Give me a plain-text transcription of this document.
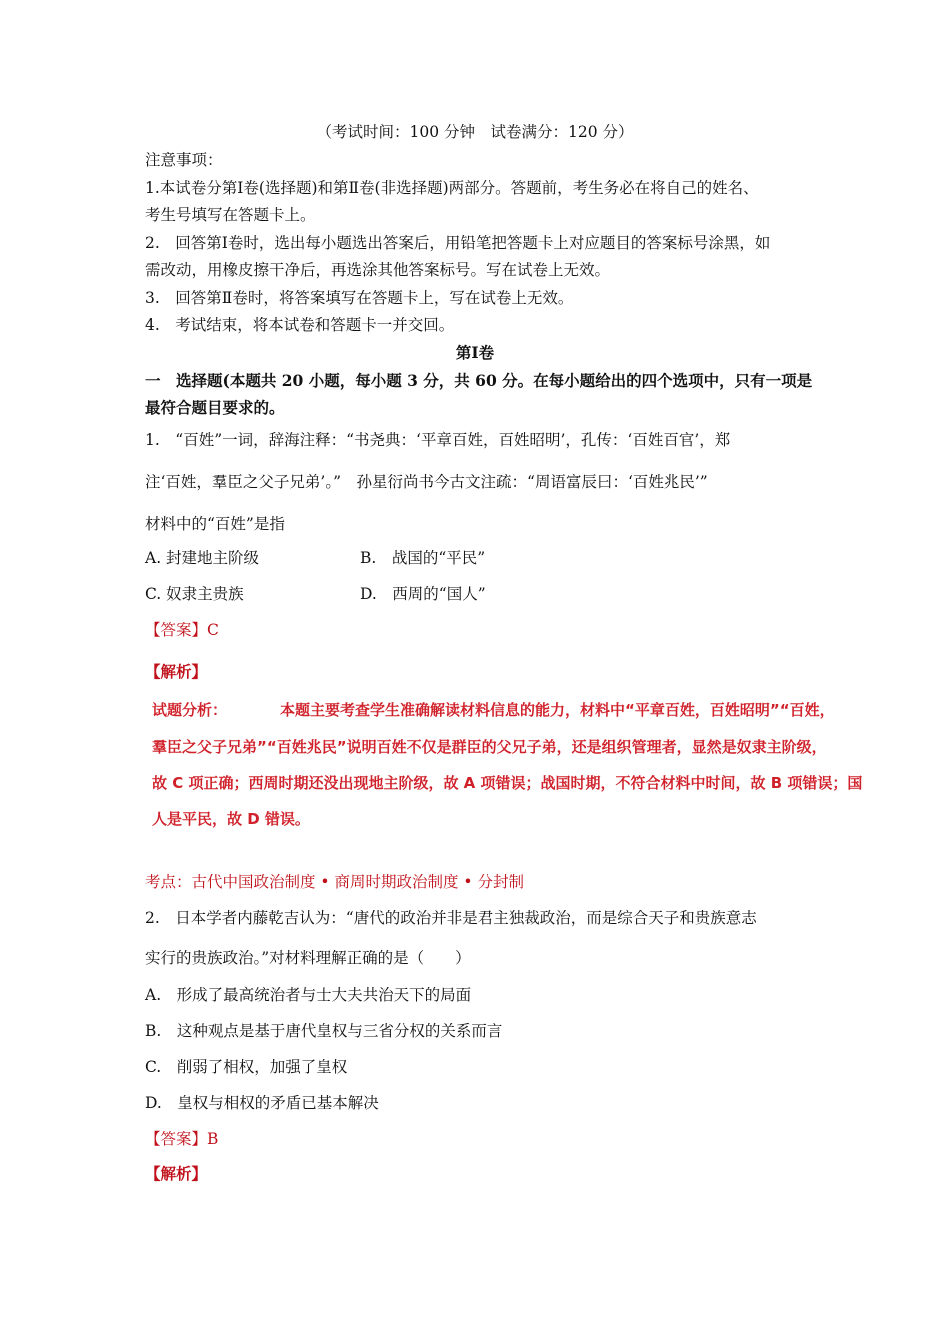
（考试时间：100 分钟　试卷满分：120 分）
注意事项：
1.本试卷分第Ⅰ卷(选择题)和第Ⅱ卷(非选择题)两部分。答题前，考生务必在将自己的姓名、
考生号填写在答题卡上。
2.　回答第Ⅰ卷时，选出每小题选出答案后，用铅笔把答题卡上对应题目的答案标号涂黑，如
需改动，用橡皮擦干净后，再选涂其他答案标号。写在试卷上无效。
3.　回答第Ⅱ卷时，将答案填写在答题卡上，写在试卷上无效。
4.　考试结束，将本试卷和答题卡一并交回。
第Ⅰ卷
一　选择题(本题共 20 小题，每小题 3 分，共 60 分。在每小题给出的四个选项中，只有一项是
最符合题目要求的。
1.　“百姓”一词，辞海注释：“书尧典：‘平章百姓，百姓昭明’，孔传：‘百姓百官’，郑
注‘百姓，羣臣之父子兄弟’。”　孙星衍尚书今古文注疏：“周语富辰曰：‘百姓兆民’”
材料中的“百姓”是指
A. 封建地主阶级	B.　战国的“平民”
C. 奴隶主贵族	D.　西周的“国人”
【答案】C
【解析】
试题分析：	本题主要考查学生准确解读材料信息的能力，材料中“平章百姓，百姓昭明”“百姓，
羣臣之父子兄弟”“百姓兆民”说明百姓不仅是群臣的父兄子弟，还是组织管理者，显然是奴隶主阶级，
故 C 项正确；西周时期还没出现地主阶级，故 A 项错误；战国时期，不符合材料中时间，故 B 项错误；国
人是平民，故 D 错误。
考点：古代中国政治制度 • 商周时期政治制度 • 分封制
2.　日本学者内藤乾吉认为：“唐代的政治并非是君主独裁政治，而是综合天子和贵族意志
实行的贵族政治。”对材料理解正确的是（　　）
A.　形成了最高统治者与士大夫共治天下的局面
B.　这种观点是基于唐代皇权与三省分权的关系而言
C.　削弱了相权，加强了皇权
D.　皇权与相权的矛盾已基本解决
【答案】B
【解析】
